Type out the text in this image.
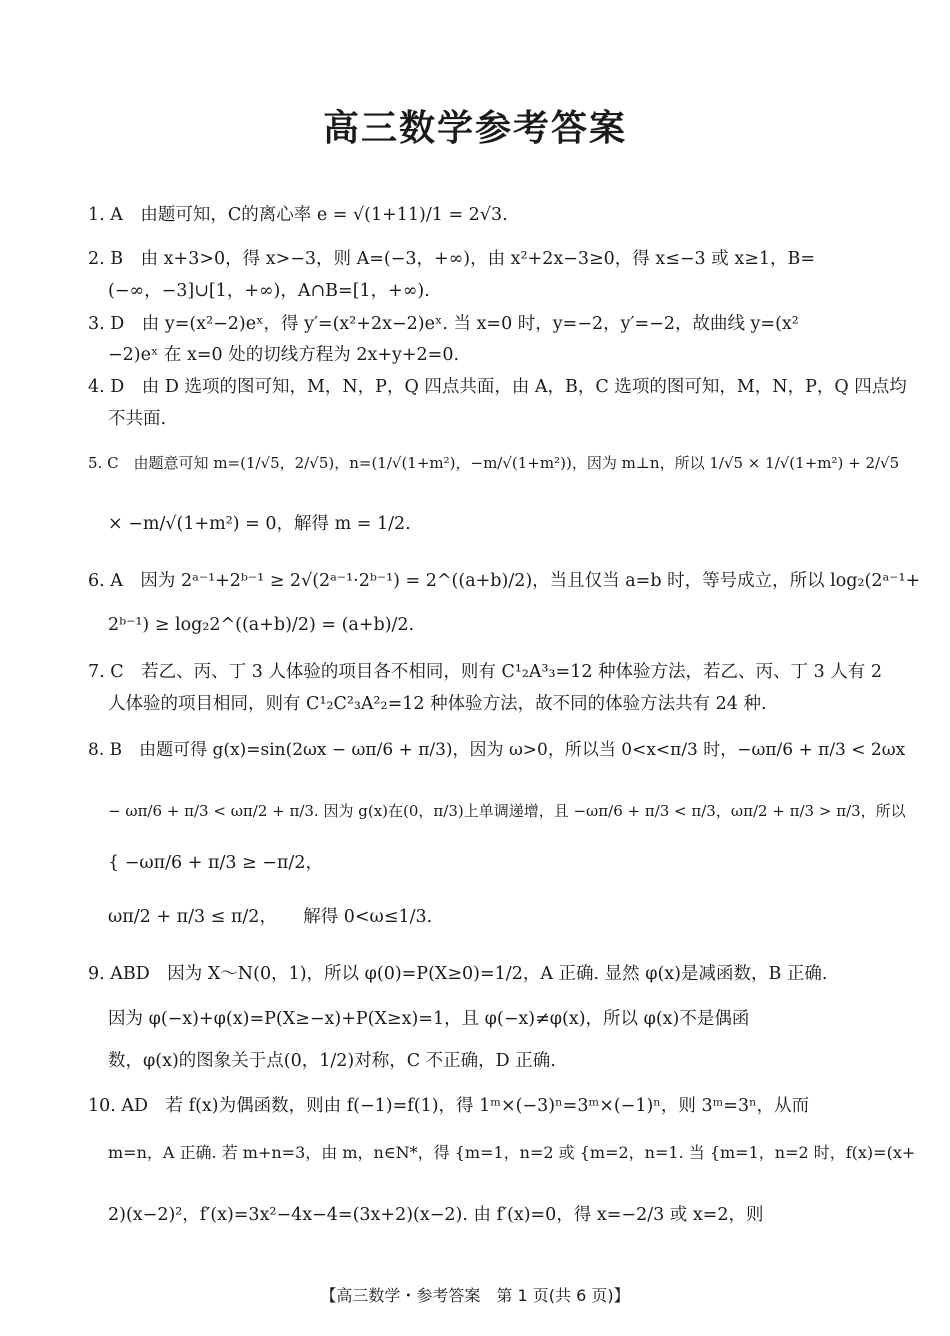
高三数学参考答案
1. A　由题可知，C的离心率 e = √(1+11)/1 = 2√3.
2. B　由 x+3>0，得 x>−3，则 A=(−3，+∞)，由 x²+2x−3≥0，得 x≤−3 或 x≥1，B=
(−∞，−3]∪[1，+∞)，A∩B=[1，+∞).
3. D　由 y=(x²−2)eˣ，得 y′=(x²+2x−2)eˣ. 当 x=0 时，y=−2，y′=−2，故曲线 y=(x²
−2)eˣ 在 x=0 处的切线方程为 2x+y+2=0.
4. D　由 D 选项的图可知，M，N，P，Q 四点共面，由 A，B，C 选项的图可知，M，N，P，Q 四点均
不共面.
5. C　由题意可知 m=(1/√5，2/√5)，n=(1/√(1+m²)，−m/√(1+m²))，因为 m⊥n，所以 1/√5 × 1/√(1+m²) + 2/√5
× −m/√(1+m²) = 0，解得 m = 1/2.
6. A　因为 2ᵃ⁻¹+2ᵇ⁻¹ ≥ 2√(2ᵃ⁻¹·2ᵇ⁻¹) = 2^((a+b)/2)，当且仅当 a=b 时，等号成立，所以 log₂(2ᵃ⁻¹+
2ᵇ⁻¹) ≥ log₂2^((a+b)/2) = (a+b)/2.
7. C　若乙、丙、丁 3 人体验的项目各不相同，则有 C¹₂A³₃=12 种体验方法，若乙、丙、丁 3 人有 2
人体验的项目相同，则有 C¹₂C²₃A²₂=12 种体验方法，故不同的体验方法共有 24 种.
8. B　由题可得 g(x)=sin(2ωx − ωπ/6 + π/3)，因为 ω>0，所以当 0<x<π/3 时，−ωπ/6 + π/3 < 2ωx
− ωπ/6 + π/3 < ωπ/2 + π/3. 因为 g(x)在(0，π/3)上单调递增，且 −ωπ/6 + π/3 < π/3，ωπ/2 + π/3 > π/3，所以
{ −ωπ/6 + π/3 ≥ −π/2，
ωπ/2 + π/3 ≤ π/2，　　解得 0<ω≤1/3.
9. ABD　因为 X～N(0，1)，所以 φ(0)=P(X≥0)=1/2，A 正确. 显然 φ(x)是减函数，B 正确.
因为 φ(−x)+φ(x)=P(X≥−x)+P(X≥x)=1，且 φ(−x)≠φ(x)，所以 φ(x)不是偶函
数，φ(x)的图象关于点(0，1/2)对称，C 不正确，D 正确.
10. AD　若 f(x)为偶函数，则由 f(−1)=f(1)，得 1ᵐ×(−3)ⁿ=3ᵐ×(−1)ⁿ，则 3ᵐ=3ⁿ，从而
m=n，A 正确. 若 m+n=3，由 m，n∈N*，得 {m=1，n=2 或 {m=2，n=1. 当 {m=1，n=2 时，f(x)=(x+
2)(x−2)²，f′(x)=3x²−4x−4=(3x+2)(x−2). 由 f′(x)=0，得 x=−2/3 或 x=2，则
【高三数学・参考答案　第 1 页(共 6 页)】
